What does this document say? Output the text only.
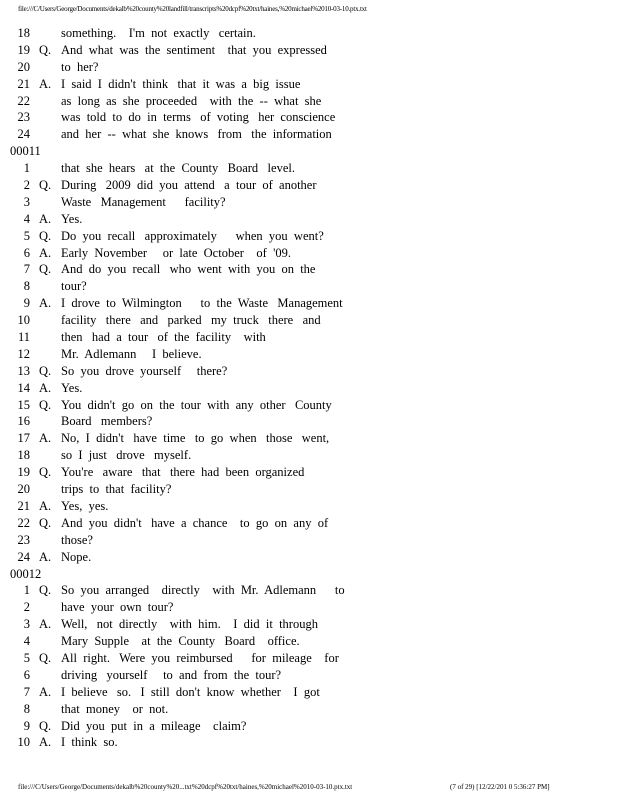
file:///C/Users/George/Documents/dekalb%20county%20landfill/transcripts%20dcpf%20txt/haines,%20michael%2010-03-10.ptx.txt
18 something.    I'm  not  exactly   certain.
19 Q. And  what  was  the  sentiment    that  you  expressed
20 to  her?
21 A. I  said  I  didn't  think   that  it  was  a  big  issue
22 as  long  as  she  proceeded    with  the  --  what  she
23 was  told  to  do  in  terms   of  voting   her  conscience
24 and  her  --  what  she  knows   from   the  information
00011
1 that  she  hears   at  the  County   Board   level.
2 Q. During   2009  did  you  attend   a  tour  of  another
3 Waste   Management      facility?
4 A. Yes.
5 Q. Do  you  recall   approximately      when  you  went?
6 A. Early  November     or  late  October    of  '09.
7 Q. And  do  you  recall   who  went  with  you  on  the
8 tour?
9 A. I  drove  to  Wilmington      to  the  Waste   Management
10 facility   there   and   parked   my  truck   there   and
11 then   had  a  tour   of  the  facility    with
12 Mr.  Adlemann     I  believe.
13 Q. So  you  drove  yourself     there?
14 A. Yes.
15 Q. You  didn't  go  on  the  tour  with  any  other   County
16 Board   members?
17 A. No,  I  didn't   have  time   to  go  when   those   went,
18 so  I  just   drove   myself.
19 Q. You're   aware   that   there  had  been  organized
20 trips  to  that  facility?
21 A. Yes,  yes.
22 Q. And  you  didn't   have  a  chance    to  go  on  any  of
23 those?
24 A. Nope.
00012
1 Q. So  you  arranged    directly    with  Mr.  Adlemann      to
2 have  your  own  tour?
3 A. Well,   not  directly    with  him.    I  did  it  through
4 Mary  Supple    at  the  County   Board    office.
5 Q. All  right.   Were  you  reimbursed      for  mileage    for
6 driving   yourself     to  and  from  the  tour?
7 A. I  believe   so.   I  still  don't  know  whether    I  got
8 that  money    or  not.
9 Q. Did  you  put  in  a  mileage    claim?
10 A. I  think  so.
file:///C/Users/George/Documents/dekalb%20county%20...txt%20dcpf%20txt/haines,%20michael%2010-03-10.ptx.txt	(7 of 29) [12/22/201 0 5:36:27 PM]
